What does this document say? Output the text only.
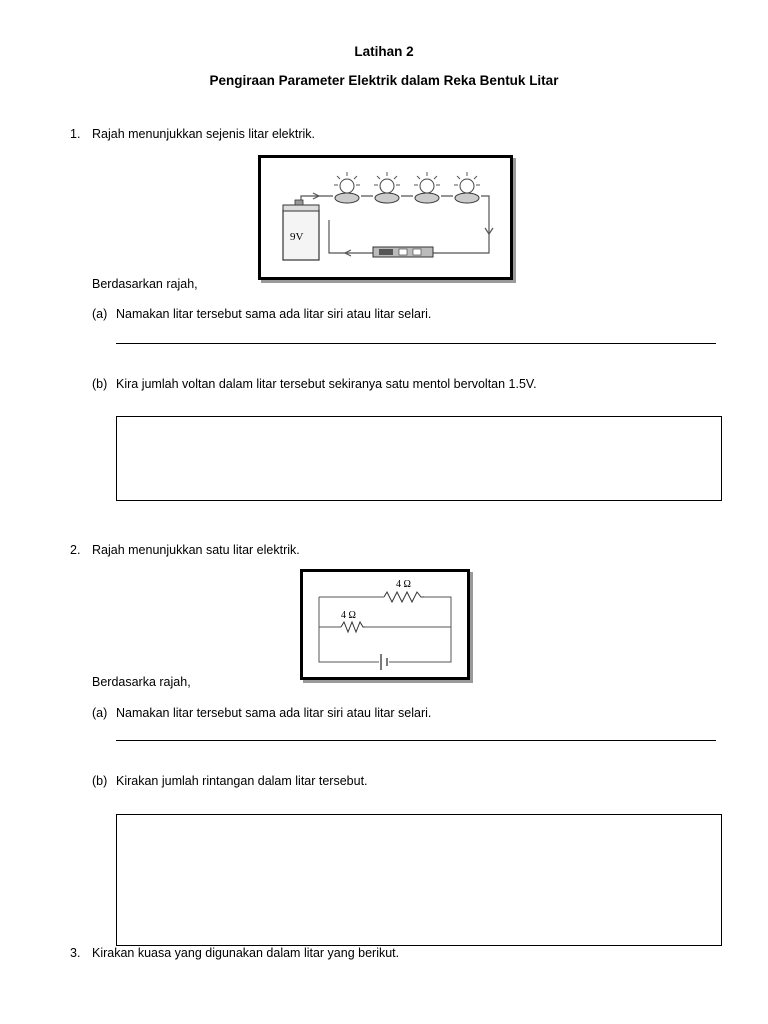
Latihan 2
Pengiraan Parameter Elektrik dalam Reka Bentuk Litar
1. Rajah menunjukkan sejenis litar elektrik.
9V
Berdasarkan rajah,
(a) Namakan litar tersebut sama ada litar siri atau litar selari.
(b) Kira jumlah voltan dalam litar tersebut sekiranya satu mentol bervoltan 1.5V.
2. Rajah menunjukkan satu litar elektrik.
4 Ω
4 Ω
Berdasarka rajah,
(a) Namakan litar tersebut sama ada litar siri atau litar selari.
(b) Kirakan jumlah rintangan dalam litar tersebut.
3. Kirakan kuasa yang digunakan dalam litar yang berikut.
